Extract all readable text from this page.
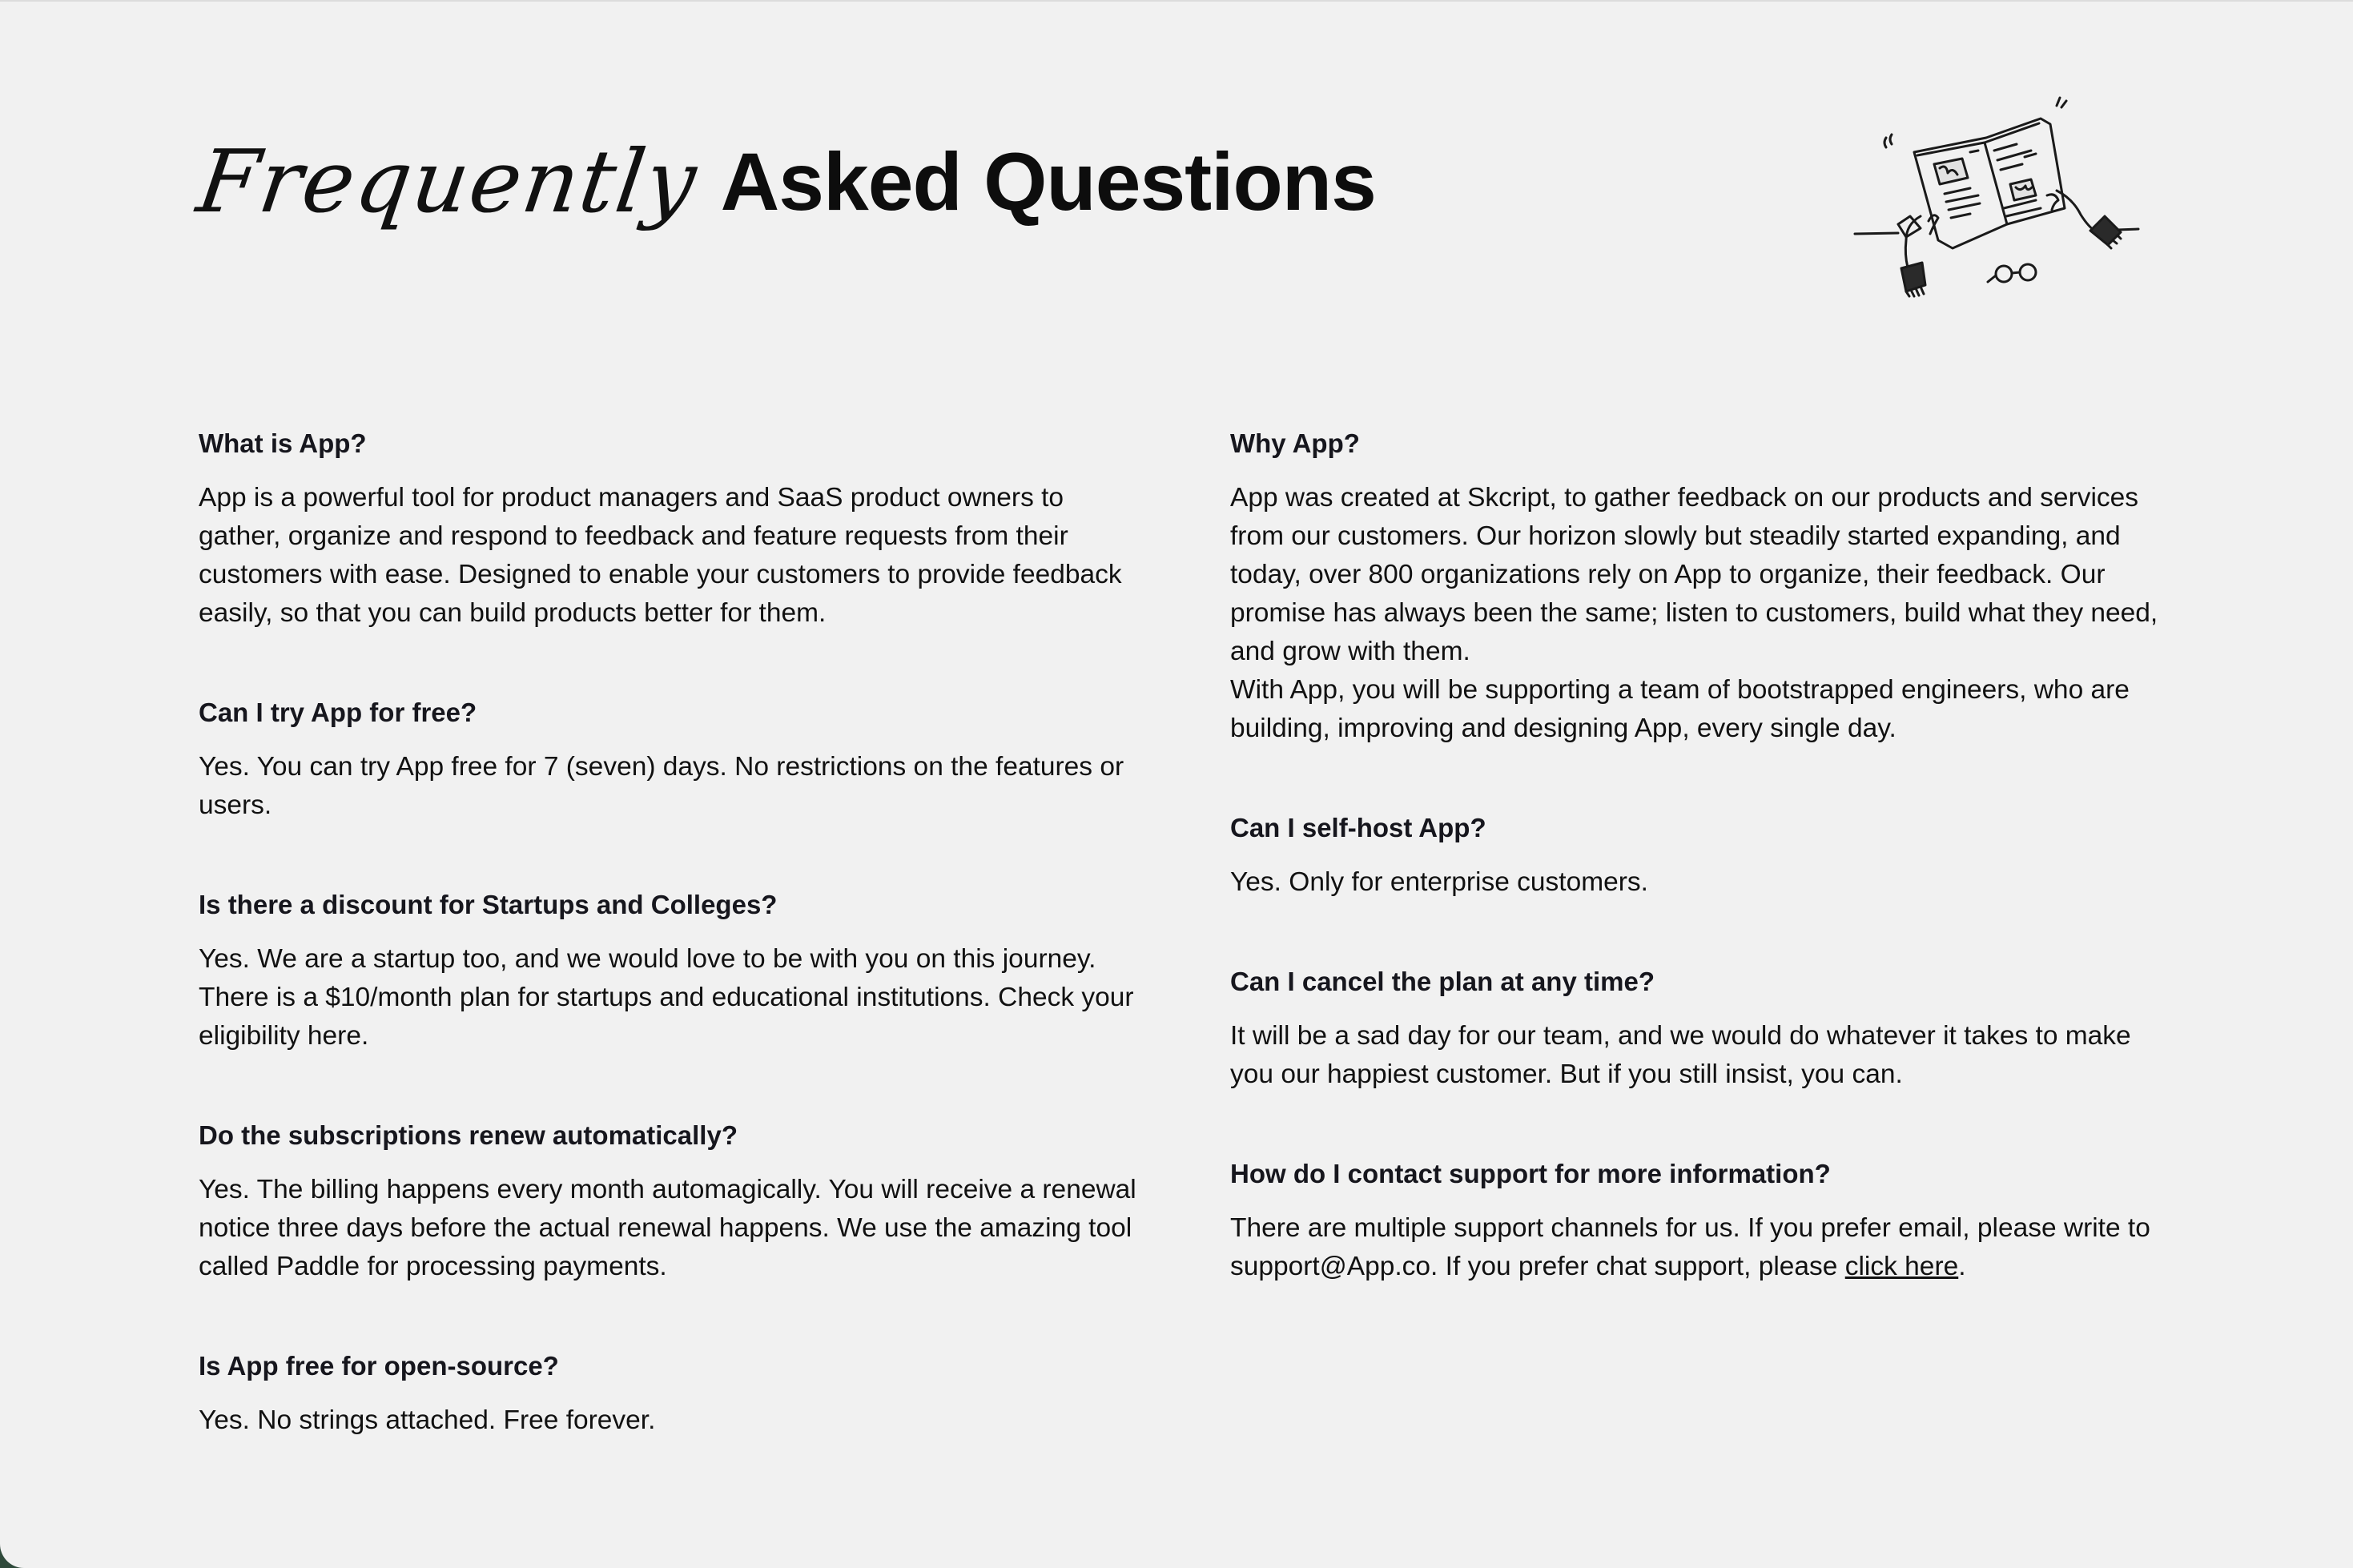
Frequently Asked Questions

What is App?

App is a powerful tool for product managers and SaaS product owners to gather, organize and respond to feedback and feature requests from their customers with ease. Designed to enable your customers to provide feedback easily, so that you can build products better for them.

Can I try App for free?

Yes. You can try App free for 7 (seven) days. No restrictions on the features or users.

Is there a discount for Startups and Colleges?

Yes. We are a startup too, and we would love to be with you on this journey. There is a $10/month plan for startups and educational institutions. Check your eligibility here.

Do the subscriptions renew automatically?

Yes. The billing happens every month automagically. You will receive a renewal notice three days before the actual renewal happens. We use the amazing tool called Paddle for processing payments.

Is App free for open-source?

Yes. No strings attached. Free forever.

Why App?

App was created at Skcript, to gather feedback on our products and services from our customers. Our horizon slowly but steadily started expanding, and today, over 800 organizations rely on App to organize, their feedback. Our promise has always been the same; listen to customers, build what they need, and grow with them.

With App, you will be supporting a team of bootstrapped engineers, who are building, improving and designing App, every single day.

Can I self-host App?

Yes. Only for enterprise customers.

Can I cancel the plan at any time?

It will be a sad day for our team, and we would do whatever it takes to make you our happiest customer. But if you still insist, you can.

How do I contact support for more information?

There are multiple support channels for us. If you prefer email, please write to support@App.co. If you prefer chat support, please click here.
